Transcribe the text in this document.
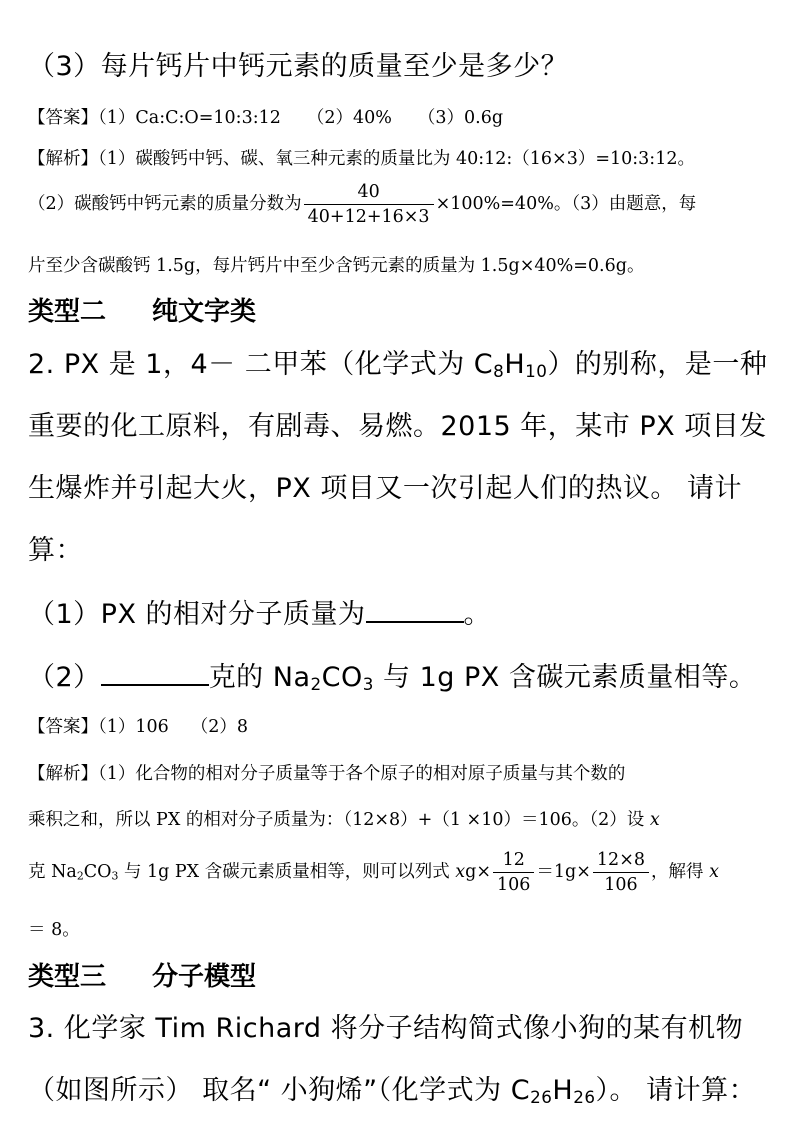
（3）每片钙片中钙元素的质量至少是多少？
【答案】（1）Ca:C:O=10:3:12 （2）40% （3）0.6g
【解析】（1）碳酸钙中钙、碳、氧三种元素的质量比为 40:12:（16×3）=10:3:12。
（2）碳酸钙中钙元素的质量分数为 $\frac{40}{40+12+16\times 3} \times 100\%=40\%$。（3）由题意，每
片至少含碳酸钙 1.5g，每片钙片中至少含钙元素的质量为 1.5g×40%=0.6g。
类型二 纯文字类
2. PX 是 1，4－ 二甲苯（化学式为 $C_8H_{10}$）的别称，是一种
重要的化工原料，有剧毒、易燃。2015 年，某市 PX 项目发
生爆炸并引起大火，PX 项目又一次引起人们的热议。 请计
算：
（1）PX 的相对分子质量为	。
（2）	克的 $Na_2CO_3$ 与 1g PX 含碳元素质量相等。
【答案】（1）106 （2）8
【解析】（1）化合物的相对分子质量等于各个原子的相对原子质量与其个数的
乘积之和，所以 PX 的相对分子质量为：（12×8）+（1 ×10）＝106。（2）设 x
克 $Na_2CO_3$ 与 1g PX 含碳元素质量相等，则可以列式 $xg\times \frac{12}{106} =1g\times \frac{12\times 8}{106}$ ，解得 x
＝ 8。
类型三 分子模型
3. 化学家 Tim Richard 将分子结构简式像小狗的某有机物
（如图所示） 取名“ 小狗烯”（化学式为 $C_{26}H_{26}$）。 请计算：
